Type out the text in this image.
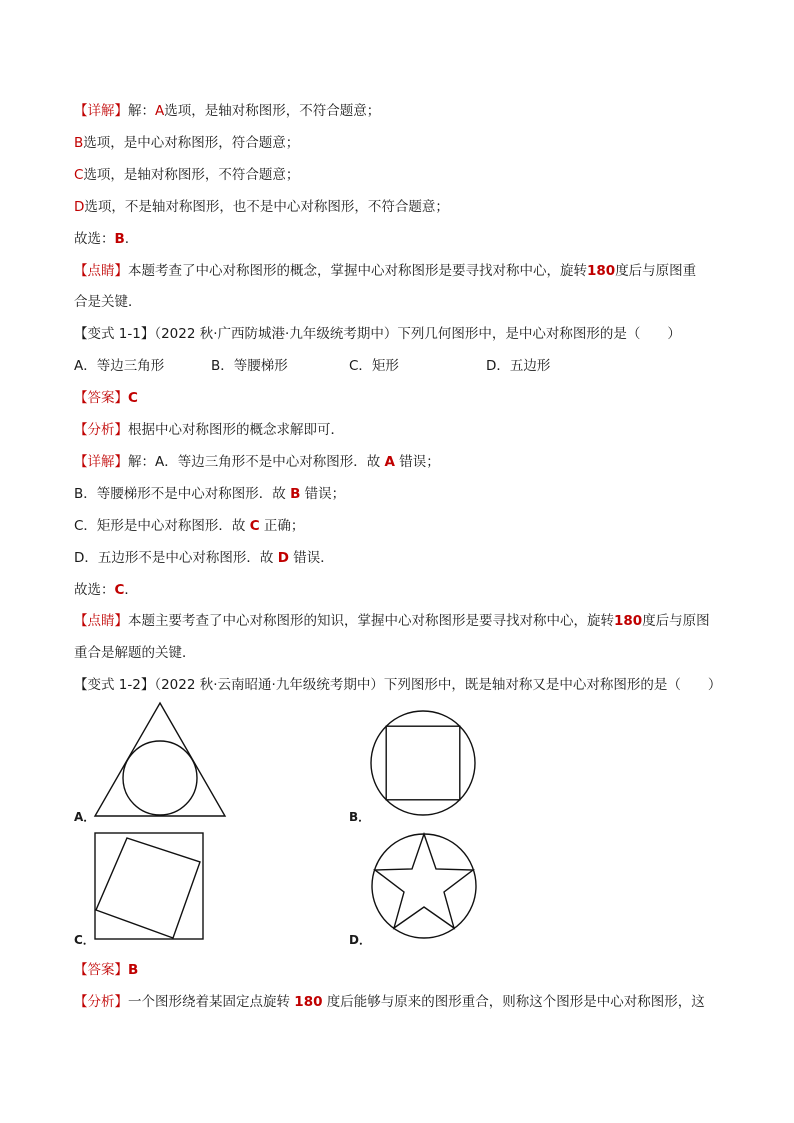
【详解】解：A选项，是轴对称图形，不符合题意；
B选项，是中心对称图形，符合题意；
C选项，是轴对称图形，不符合题意；
D选项，不是轴对称图形，也不是中心对称图形，不符合题意；
故选：B.
【点睛】本题考查了中心对称图形的概念，掌握中心对称图形是要寻找对称中心，旋转180度后与原图重
合是关键．
【变式 1-1】（2022 秋·广西防城港·九年级统考期中）下列几何图形中，是中心对称图形的是（　　）
A．等边三角形	B．等腰梯形	C．矩形	D．五边形
【答案】C
【分析】根据中心对称图形的概念求解即可．
【详解】解：A．等边三角形不是中心对称图形．故 A 错误；
B．等腰梯形不是中心对称图形．故 B 错误；
C．矩形是中心对称图形．故 C 正确；
D．五边形不是中心对称图形．故 D 错误．
故选：C．
【点睛】本题主要考查了中心对称图形的知识，掌握中心对称图形是要寻找对称中心，旋转180度后与原图
重合是解题的关键．
【变式 1-2】（2022 秋·云南昭通·九年级统考期中）下列图形中，既是轴对称又是中心对称图形的是（　　）
A．	B．
C．	D．
【答案】B
【分析】一个图形绕着某固定点旋转 180 度后能够与原来的图形重合，则称这个图形是中心对称图形，这
